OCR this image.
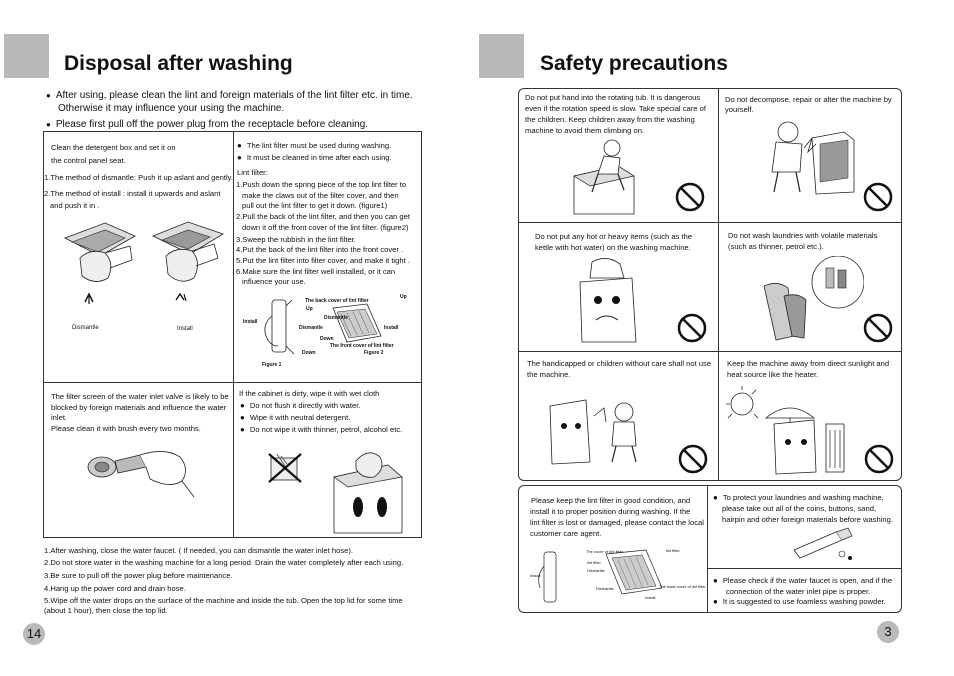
Disposal after washing
● After using, please clean the lint and foreign materials of the lint filter etc. in time.
Otherwise it may influence your using the machine.
● Please first pull off the power plug from the receptacle before cleaning.
Clean the detergent box and set it on
the control panel seat.
1.The method of dismantle: Push it up aslant and gently.
2.The method of install : install it upwards and aslant
and push it in .
Dismantle	Install
● The lint filter must be used during washing.
● It must be cleaned in time after each using.
Lint filter:
1.Push down the spring piece of the top lint filter to
make the claws out of the filter cover, and then
pull out the lint filter to get it down. (figure1)
2.Pull the back of the lint filter, and then you can get
down it off the front cover of the lint filter. (figure2)
3.Sweep the rubbish in the lint filter.
4.Put the back of the lint filter into the front cover .
5.Put the lint filter into filter cover, and make it tight .
6.Make sure the lint filter well installed, or it can
influence your use.
The back cover of lint filter
Up
Up
Dismantle
Dismantle
Install
Install
Down
The front cover of lint filter
Down	Figure 2
Figure 1
The filter screen of the water inlet valve is likely to be
blocked by foreign materials and influence the water
inlet.
Please clean it with brush every two months.
If the cabinet is dirty, wipe it with wet cloth
● Do not flush it directly with water.
● Wipe it with neutral detergent.
● Do not wipe it with thinner, petrol, alcohol etc.
1.After washing, close the water faucet. ( If needed, you can dismantle the water inlet hose).
2.Do not store water in the washing machine for a long period. Drain the water completely after each using.
3.Be sure to pull off the power plug before maintenance.
4.Hang up the power cord and drain hose.
5.Wipe off the water drops on the surface of the machine and inside the tub. Open the top lid for some time
(about 1 hour), then close the top lid.
14
Safety precautions
Do not put hand into the rotating tub. It is dangerous
even if the rotation speed is slow. Take special care of
the children. Keep children away from the washing
machine to avoid them climbing on.
Do not decompose, repair or alter the machine by
yourself.
Do not put any hot or heavy items (such as the
kettle with hot water) on the washing machine.
Do not wash laundries with volatile materials
(such as thinner, petrol etc.).
The handicapped or children without care shall not use
the machine.
Keep the machine away from direct sunlight and
heat source like the heater.
Please keep the lint filter in good condition, and
install it to proper position during washing. If the
lint filter is lost or damaged, please contact the local
customer care agent.
The cover of lint filter	lint filter
lint filter
Dismantle
Install
Dismantle	The back cover of lint filter
Install
● To protect your laundries and washing machine,
please take out all of the coins, buttons, sand,
hairpin and other foreign materials before washing.
● Please check if the water faucet is open, and if the
connection of the water inlet pipe is proper.
● It is suggested to use foamless washing powder.
3
